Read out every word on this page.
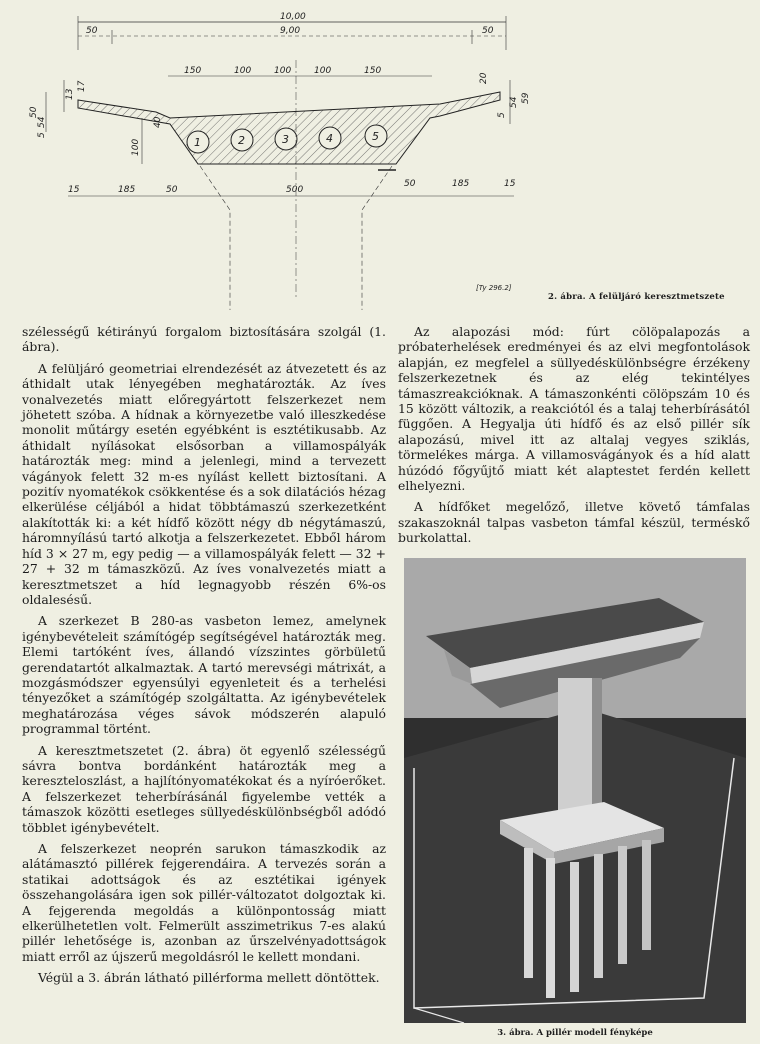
10,00
9,00
50	50
150	100	100	100	150
1	2	3	4	5
13
17
50
54
5
20
5
54 59
100
40
15	185	50	500
50	185	15
[Ty 296.2]
2. ábra. A felüljáró keresztmetszete

szélességű kétirányú forgalom biztosítására szolgál (1. ábra).

A felüljáró geometriai elrendezését az átvezetett és az áthidalt utak lényegében meghatározták. Az íves vonalvezetés miatt előregyártott felszerkezet nem jöhetett szóba. A hídnak a környezetbe való illeszkedése monolit műtárgy esetén egyébként is esztétikusabb. Az áthidalt nyílásokat elsősorban a villamospályák határozták meg: mind a jelenlegi, mind a tervezett vágányok felett 32 m-es nyílást kellett biztosítani. A pozitív nyomatékok csökkentése és a sok dilatációs hézag elkerülése céljából a hidat többtámaszú szerkezetként alakították ki: a két hídfő között négy db négytámaszú, háromnyílású tartó alkotja a felszerkezetet. Ebből három híd 3 × 27 m, egy pedig — a villamospályák felett — 32 + 27 + 32 m támaszközű. Az íves vonalvezetés miatt a keresztmetszet a híd legnagyobb részén 6%-os oldalesésű.

A szerkezet B 280-as vasbeton lemez, amelynek igénybevételeit számítógép segítségével határozták meg. Elemi tartóként íves, állandó vízszintes görbületű gerendatartót alkalmaztak. A tartó merevségi mátrixát, a mozgásmódszer egyensúlyi egyenleteit és a terhelési tényezőket a számítógép szolgáltatta. Az igénybevételek meghatározása véges sávok módszerén alapuló programmal történt.

A keresztmetszetet (2. ábra) öt egyenlő szélességű sávra bontva bordánként határozták meg a kereszteloszlást, a hajlítónyomatékokat és a nyíróerőket. A felszerkezet teherbírásánál figyelembe vették a támaszok közötti esetleges süllyedéskülönbségből adódó többlet igénybevételt.

A felszerkezet neoprén sarukon támaszkodik az alátámasztó pillérek fejgerendáira. A tervezés során a statikai adottságok és az esztétikai igények összehangolására igen sok pillér-változatot dolgoztak ki. A fejgerenda megoldás a különpontosság miatt elkerülhetetlen volt. Felmerült asszimetrikus 7-es alakú pillér lehetősége is, azonban az űrszelvényadottságok miatt erről az újszerű megoldásról le kellett mondani.

Végül a 3. ábrán látható pillérforma mellett döntöttek.

Az alapozási mód: fúrt cölöpalapozás a próbaterhelések eredményei és az elvi megfontolások alapján, ez megfelel a süllyedéskülönbségre érzékeny felszerkezetnek és az elég tekintélyes támaszreakcióknak. A támaszonkénti cölöpszám 10 és 15 között változik, a reakciótól és a talaj teherbírásától függően. A Hegyalja úti hídfő és az első pillér sík alapozású, mivel itt az altalaj vegyes sziklás, törmelékes márga. A villamosvágányok és a híd alatt húzódó főgyűjtő miatt két alaptestet ferdén kellett elhelyezni.

A hídfőket megelőző, illetve követő támfalas szakaszoknál talpas vasbeton támfal készül, terméskő burkolattal.

3. ábra. A pillér modell fényképe
